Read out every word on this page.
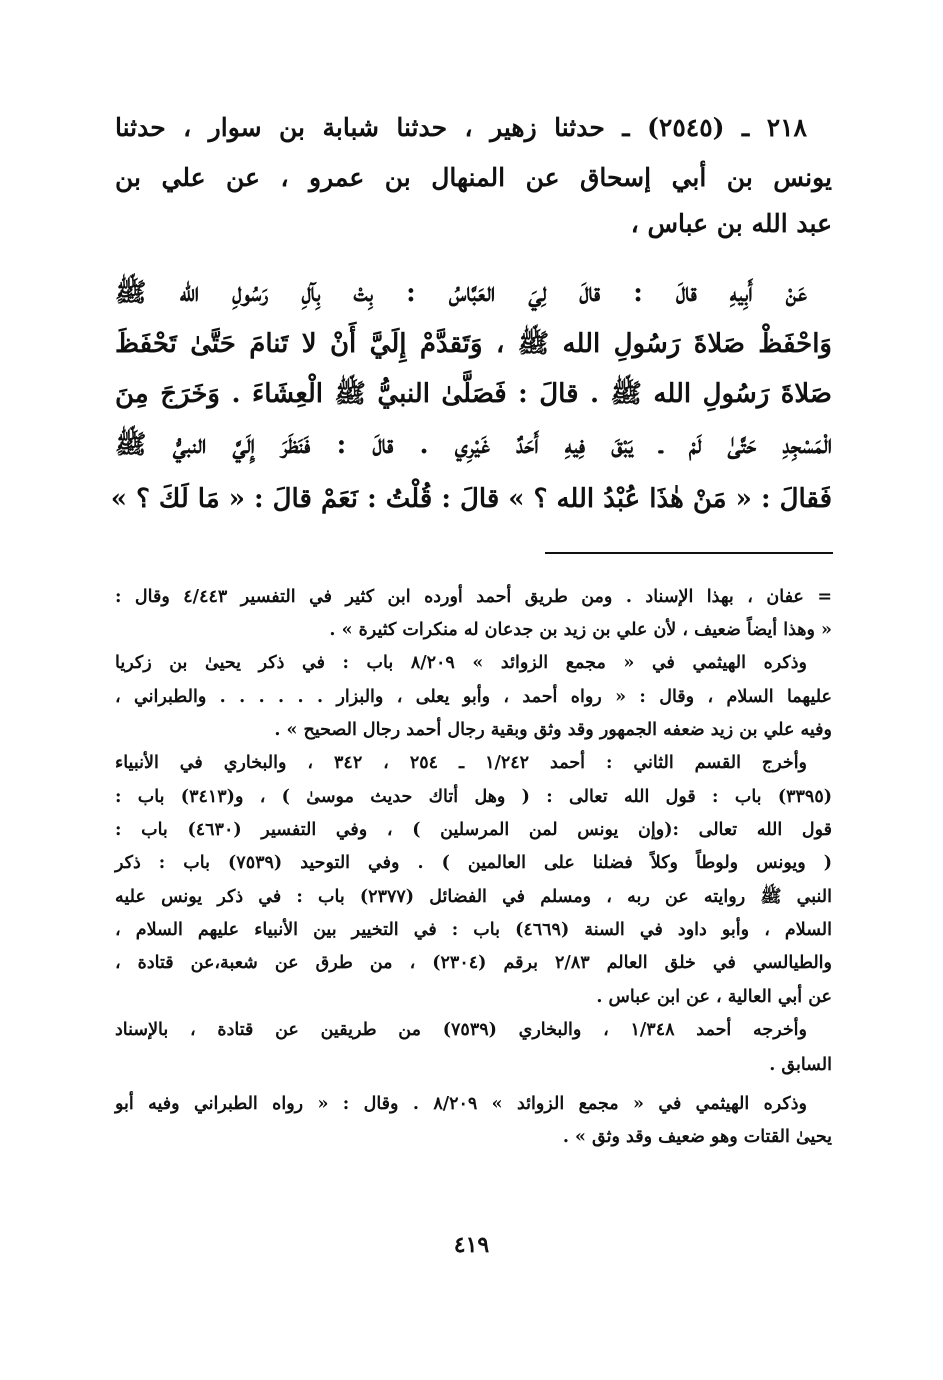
٢١٨ ـ (٢٥٤٥) ـ حدثنا زهير ، حدثنا شبابة بن سوار ، حدثنا
يونس بن أبي إسحاق عن المنهال بن عمرو ، عن علي بن
عبد الله بن عباس ،
عَنْ أَبِيهِ قالَ : قالَ لِيَ العَبَّاسُ : بِتْ بِآلِ رَسُولِ الله ﷺ
وَاحْفَظْ صَلاةَ رَسُولِ الله ﷺ ، وَتَقدَّمْ إِلَيَّ أَنْ لا تَنامَ حَتَّىٰ تَحْفَظَ
صَلاةَ رَسُولِ الله ﷺ . قالَ : فَصَلَّىٰ النبيُّ ﷺ الْعِشَاءَ . وَخَرَجَ مِنَ
الْمَسْجِدِ حَتَّىٰ لَمْ ـ يَبْقَ فِيهِ أَحَدٌ غَيْرِي . قالَ : فَنَظَرَ إِلَيَّ النبيُّ ﷺ
فَقالَ : « مَنْ هٰذَا عُبْدُ الله ؟ » قالَ : قُلْتُ : نَعَمْ قالَ : « مَا لَكَ ؟ »
= عفان ، بهذا الإسناد . ومن طريق أحمد أورده ابن كثير في التفسير ٤/٤٤٣ وقال :
« وهذا أيضاً ضعيف ، لأن علي بن زيد بن جدعان له منكرات كثيرة » .
وذكره الهيثمي في « مجمع الزوائد » ٨/٢٠٩ باب : في ذكر يحيىٰ بن زكريا
عليهما السلام ، وقال : « رواه أحمد ، وأبو يعلى ، والبزار . . . . . . والطبراني ،
وفيه علي بن زيد ضعفه الجمهور وقد وثق وبقية رجال أحمد رجال الصحيح » .
وأخرج القسم الثاني : أحمد ١/٢٤٢ ـ ٢٥٤ ، ٣٤٢ ، والبخاري في الأنبياء
(٣٣٩٥) باب : قول الله تعالى : ( وهل أتاك حديث موسىٰ ) ، و(٣٤١٣) باب :
قول الله تعالى :(وإن يونس لمن المرسلين ) ، وفي التفسير (٤٦٣٠) باب :
( ويونس ولوطاً وكلاً فضلنا على العالمين ) . وفي التوحيد (٧٥٣٩) باب : ذكر
النبي ﷺ روايته عن ربه ، ومسلم في الفضائل (٢٣٧٧) باب : في ذكر يونس عليه
السلام ، وأبو داود في السنة (٤٦٦٩) باب : في التخيير بين الأنبياء عليهم السلام ،
والطيالسي في خلق العالم ٢/٨٣ برقم (٢٣٠٤) ، من طرق عن شعبة،عن قتادة ،
عن أبي العالية ، عن ابن عباس .
وأخرجه أحمد ١/٣٤٨ ، والبخاري (٧٥٣٩) من طريقين عن قتادة ، بالإسناد
السابق .
وذكره الهيثمي في « مجمع الزوائد » ٨/٢٠٩ . وقال : « رواه الطبراني وفيه أبو
يحيىٰ القتات وهو ضعيف وقد وثق » .
٤١٩
